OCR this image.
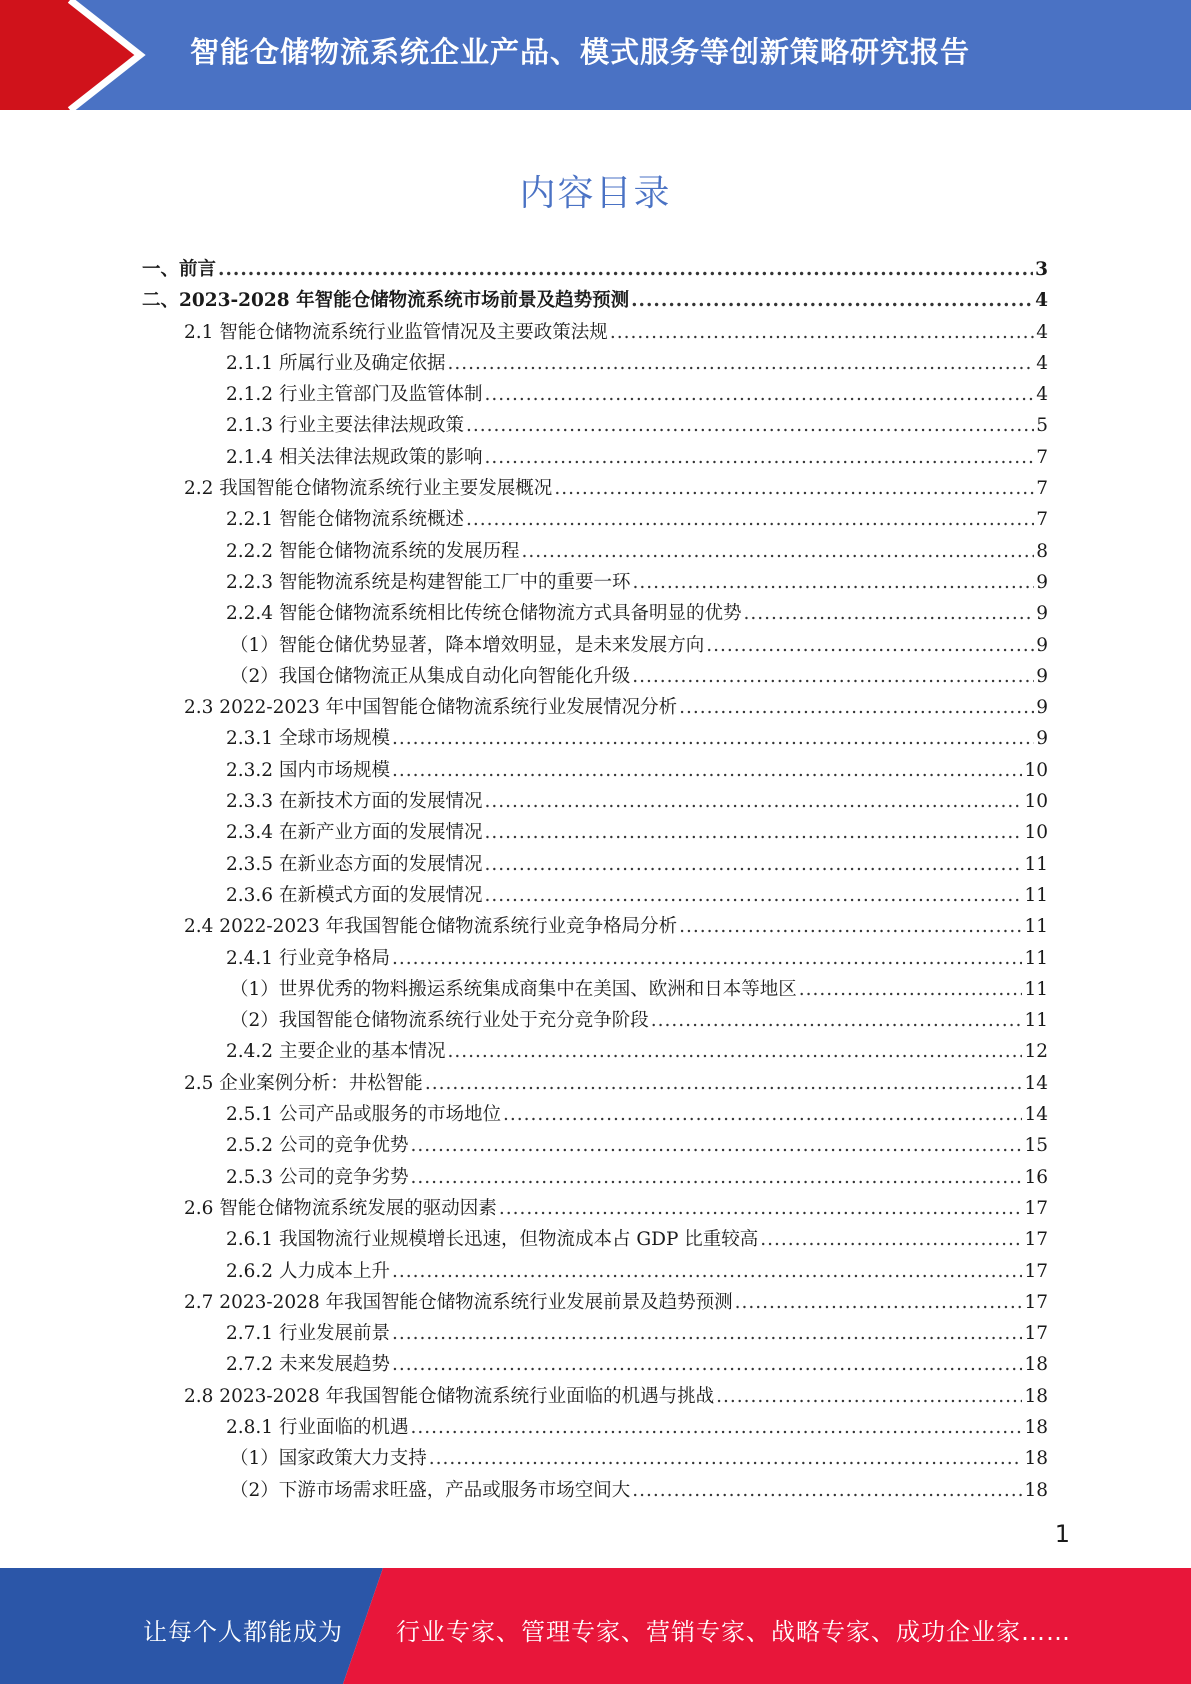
智能仓储物流系统企业产品、模式服务等创新策略研究报告
内容目录
一、前言 .....	3
二、2023-2028 年智能仓储物流系统市场前景及趋势预测 .....	4
2.1 智能仓储物流系统行业监管情况及主要政策法规 .....	4
2.1.1 所属行业及确定依据 .....	4
2.1.2 行业主管部门及监管体制 .....	4
2.1.3 行业主要法律法规政策 .....	5
2.1.4 相关法律法规政策的影响 .....	7
2.2 我国智能仓储物流系统行业主要发展概况 .....	7
2.2.1 智能仓储物流系统概述 .....	7
2.2.2 智能仓储物流系统的发展历程 .....	8
2.2.3 智能物流系统是构建智能工厂中的重要一环 .....	9
2.2.4 智能仓储物流系统相比传统仓储物流方式具备明显的优势 .....	9
（1）智能仓储优势显著，降本增效明显，是未来发展方向 .....	9
（2）我国仓储物流正从集成自动化向智能化升级 .....	9
2.3 2022-2023 年中国智能仓储物流系统行业发展情况分析 .....	9
2.3.1 全球市场规模 .....	9
2.3.2 国内市场规模 .....	10
2.3.3 在新技术方面的发展情况 .....	10
2.3.4 在新产业方面的发展情况 .....	10
2.3.5 在新业态方面的发展情况 .....	11
2.3.6 在新模式方面的发展情况 .....	11
2.4 2022-2023 年我国智能仓储物流系统行业竞争格局分析 .....	11
2.4.1 行业竞争格局 .....	11
（1）世界优秀的物料搬运系统集成商集中在美国、欧洲和日本等地区 .....	11
（2）我国智能仓储物流系统行业处于充分竞争阶段 .....	11
2.4.2 主要企业的基本情况 .....	12
2.5 企业案例分析：井松智能 .....	14
2.5.1 公司产品或服务的市场地位 .....	14
2.5.2 公司的竞争优势 .....	15
2.5.3 公司的竞争劣势 .....	16
2.6 智能仓储物流系统发展的驱动因素 .....	17
2.6.1 我国物流行业规模增长迅速，但物流成本占 GDP 比重较高 .....	17
2.6.2 人力成本上升 .....	17
2.7 2023-2028 年我国智能仓储物流系统行业发展前景及趋势预测 .....	17
2.7.1 行业发展前景 .....	17
2.7.2 未来发展趋势 .....	18
2.8 2023-2028 年我国智能仓储物流系统行业面临的机遇与挑战 .....	18
2.8.1 行业面临的机遇 .....	18
（1）国家政策大力支持 .....	18
（2）下游市场需求旺盛，产品或服务市场空间大 .....	18
1
让每个人都能成为 行业专家、管理专家、营销专家、战略专家、成功企业家……
